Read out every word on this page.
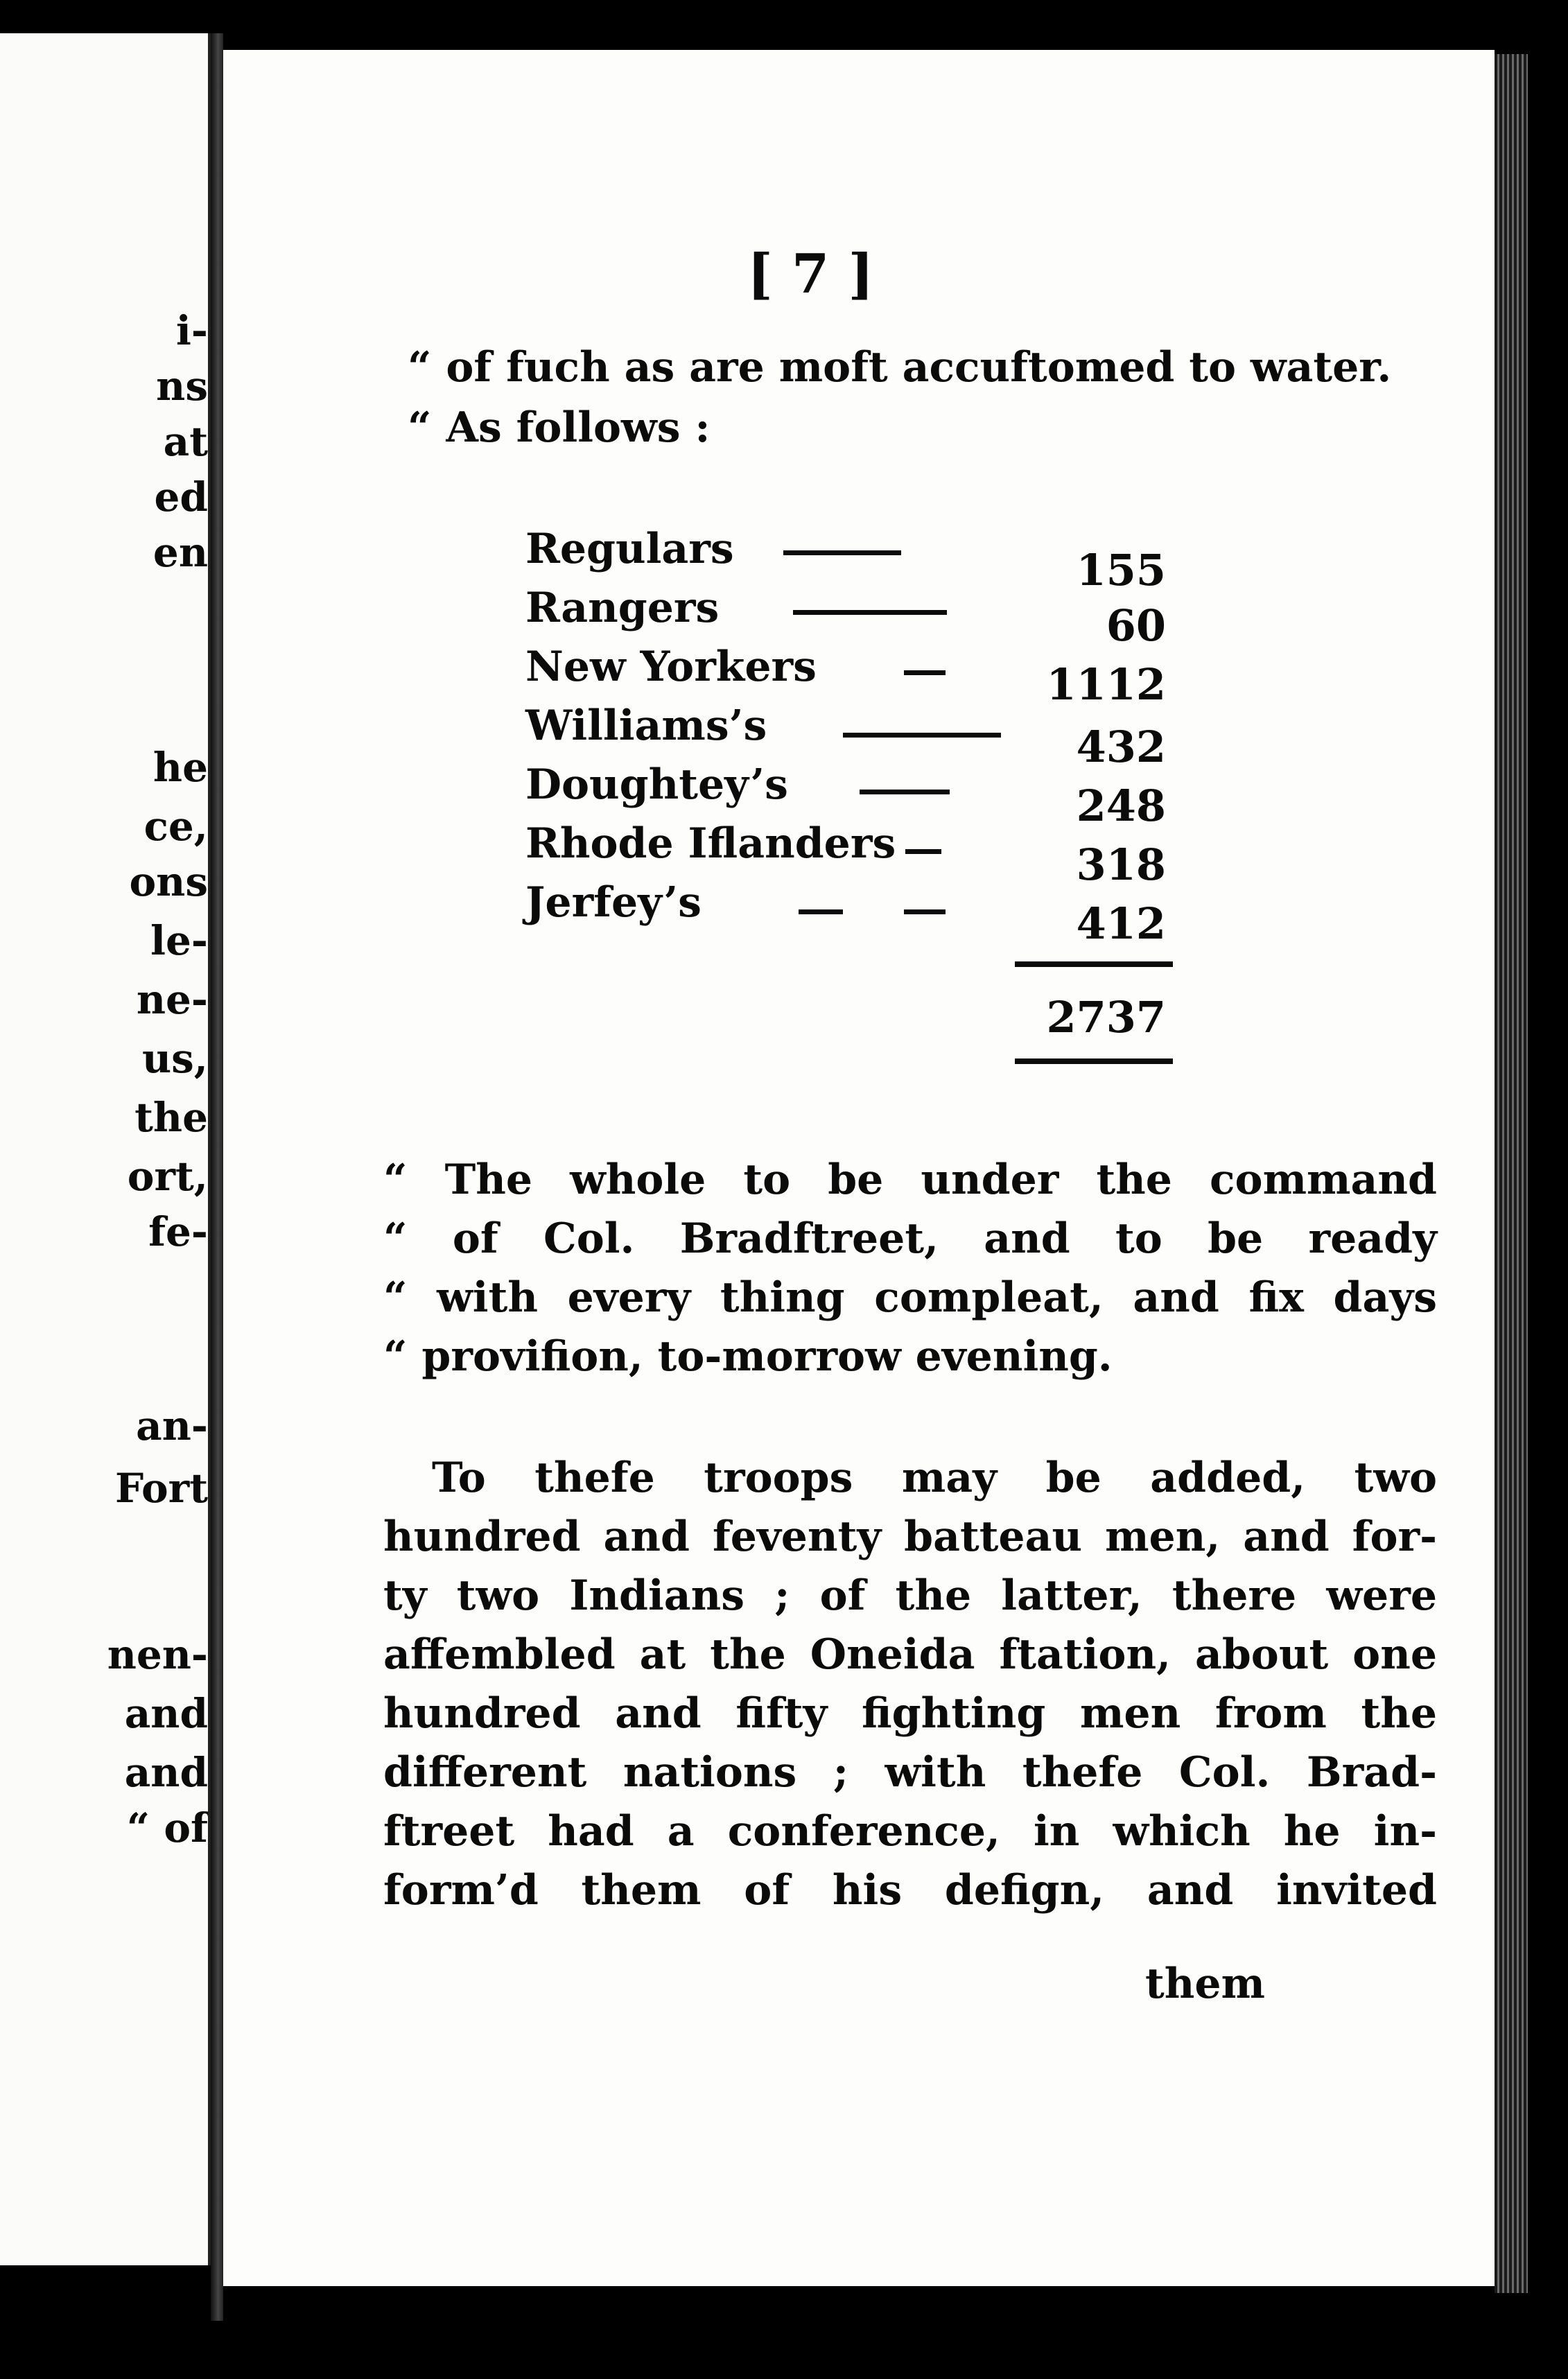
i-
ns
at
ed
en
he
ce,
ons
le-
ne-
us,
the
ort,
fe-
an-
Fort
nen-
and
and
“ of
[ 7 ]
“ of fuch as are moft accuftomed to water.
“ As follows :
Regulars	155
Rangers	60
New Yorkers	1112
Williams’s	432
Doughtey’s	248
Rhode Iflanders	318
Jerfey’s	412
2737
“ The whole to be under the command
“ of Col. Bradftreet, and to be ready
“ with every thing compleat, and fix days
“ provifion, to-morrow evening.
To thefe troops may be added, two
hundred and feventy batteau men, and for-
ty two Indians ; of the latter, there were
affembled at the Oneida ftation, about one
hundred and fifty fighting men from the
different nations ; with thefe Col. Brad-
ftreet had a conference, in which he in-
form’d them of his defign, and invited
them
